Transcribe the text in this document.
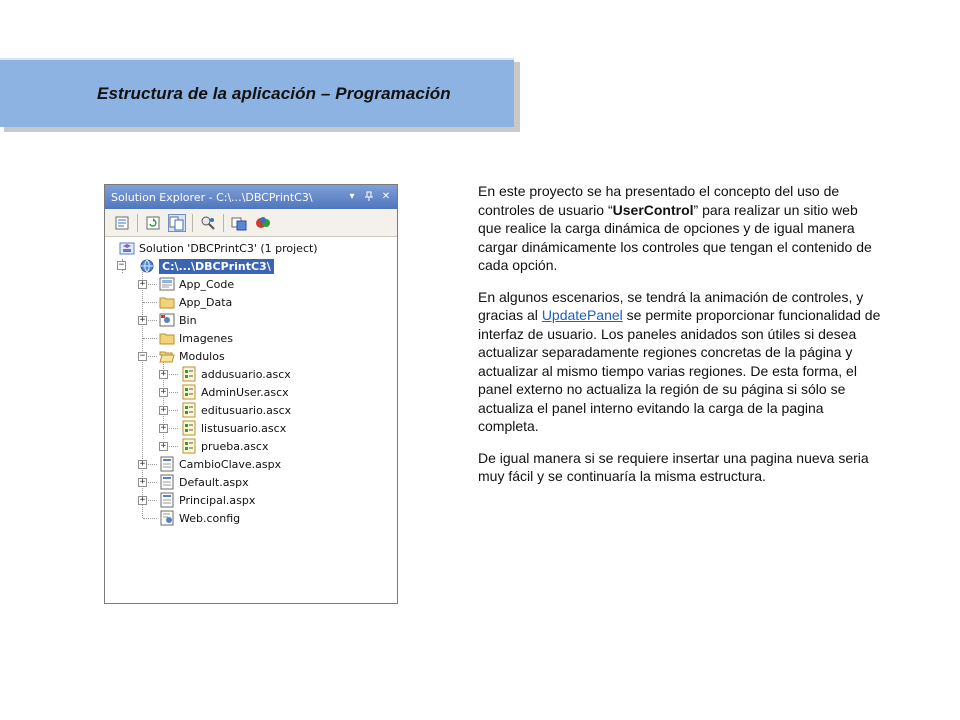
Estructura de la aplicación – Programación
Solution Explorer - C:\...\DBCPrintC3\	▾	✕
Solution 'DBCPrintC3' (1 project)
−	C:\...\DBCPrintC3\
+	App_Code
App_Data
+	Bin
Imagenes
−	Modulos
+	addusuario.ascx
+	AdminUser.ascx
+	editusuario.ascx
+	listusuario.ascx
+	prueba.ascx
+	CambioClave.aspx
+	Default.aspx
+	Principal.aspx
Web.config

En este proyecto se ha presentado el concepto del uso de controles de usuario “UserControl” para realizar un sitio web que realice la carga dinámica de opciones y de igual manera cargar dinámicamente los controles que tengan el contenido de cada opción.

En algunos escenarios, se tendrá la animación de controles, y gracias al UpdatePanel se permite proporcionar funcionalidad de interfaz de usuario. Los paneles anidados son útiles si desea actualizar separadamente regiones concretas de la página y actualizar al mismo tiempo varias regiones. De esta forma, el panel externo no actualiza la región de su página si sólo se actualiza el panel interno evitando la carga de la pagina completa.

De igual manera si se requiere insertar una pagina nueva seria muy fácil y se continuaría la misma estructura.
